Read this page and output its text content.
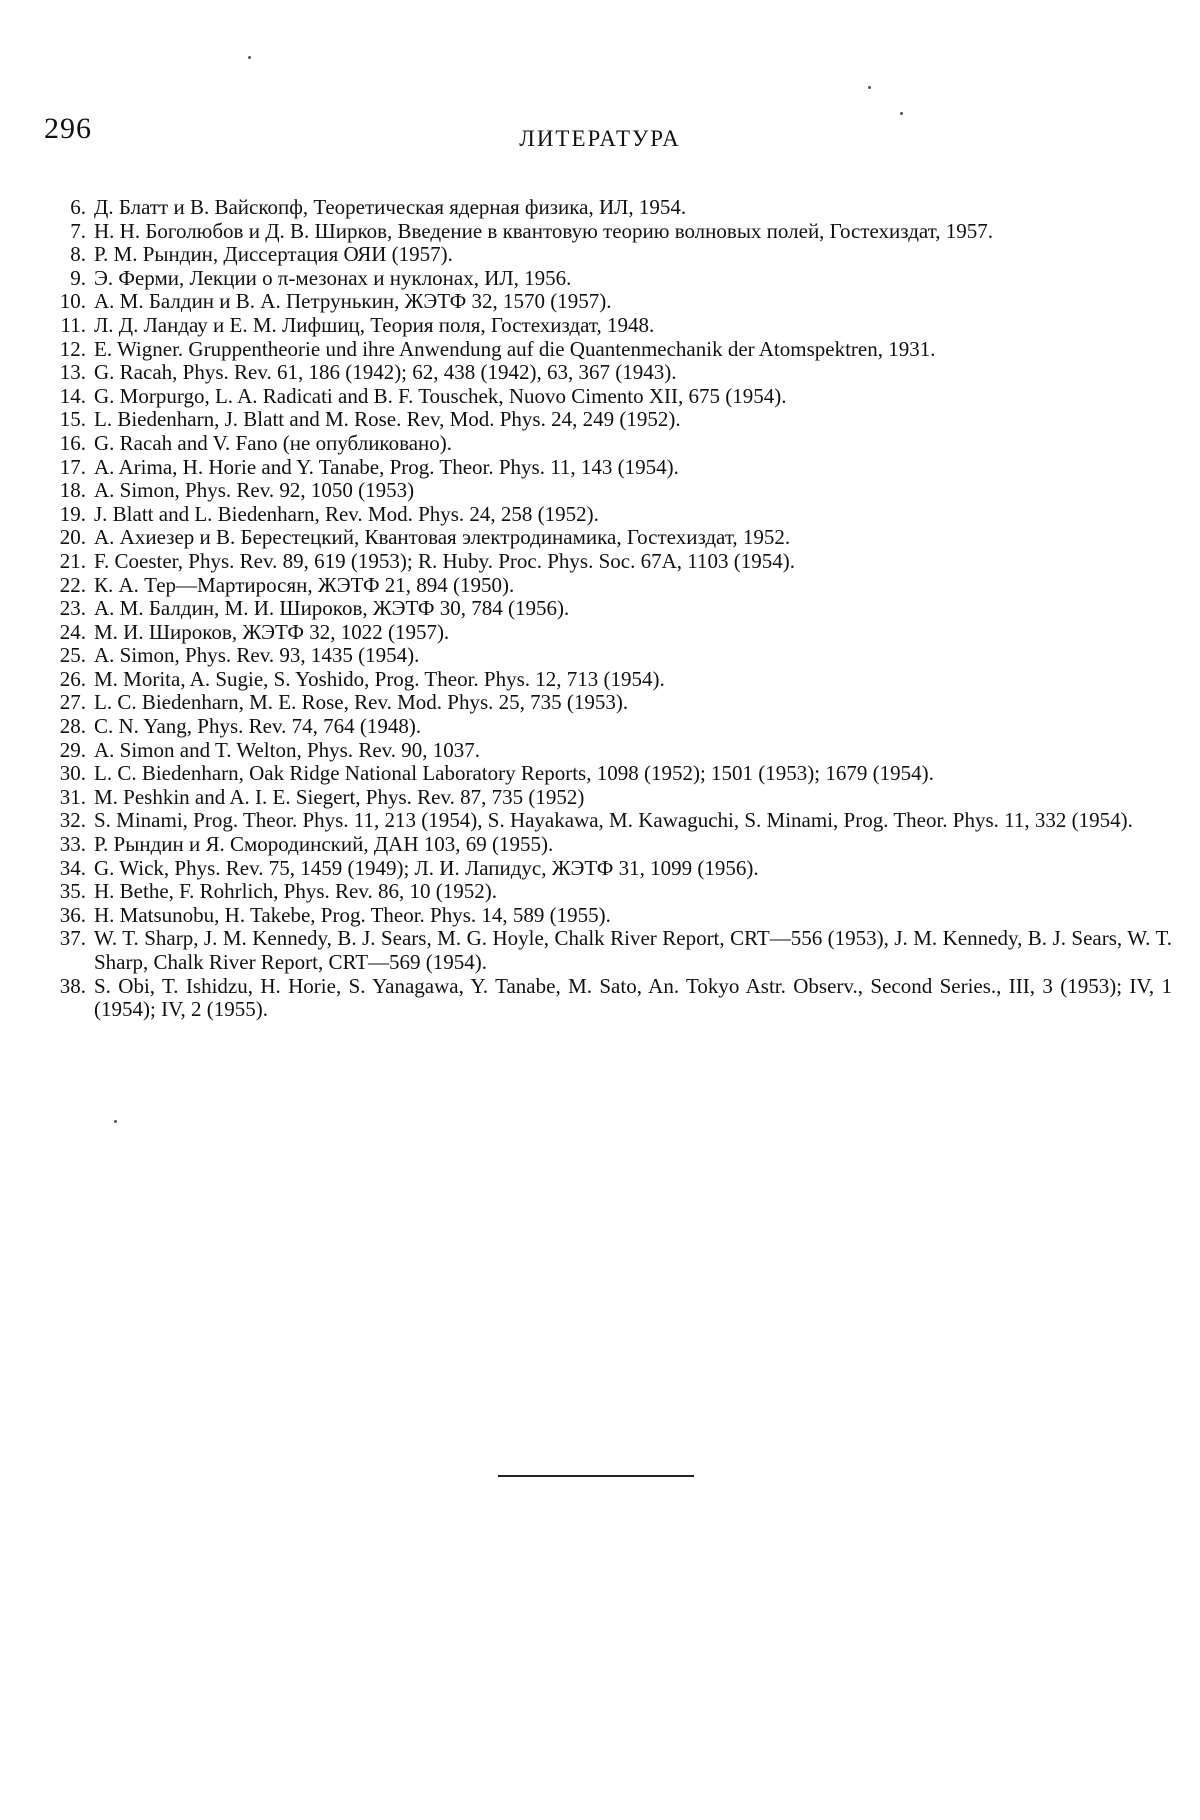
296	ЛИТЕРАТУРА
6. Д. Блатт и В. Вайскопф, Теоретическая ядерная физика, ИЛ, 1954.
7. Н. Н. Боголюбов и Д. В. Ширков, Введение в квантовую теорию волновых полей, Гостехиздат, 1957.
8. Р. М. Рындин, Диссертация ОЯИ (1957).
9. Э. Ферми, Лекции о π-мезонах и нуклонах, ИЛ, 1956.
10. А. М. Балдин и В. А. Петрунькин, ЖЭТФ 32, 1570 (1957).
11. Л. Д. Ландау и Е. М. Лифшиц, Теория поля, Гостехиздат, 1948.
12. E. Wigner. Gruppentheorie und ihre Anwendung auf die Quantenmechanik der Atomspektren, 1931.
13. G. Racah, Phys. Rev. 61, 186 (1942); 62, 438 (1942), 63, 367 (1943).
14. G. Morpurgo, L. A. Radicati and B. F. Touschek, Nuovo Cimento XII, 675 (1954).
15. L. Biedenharn, J. Blatt and M. Rose. Rev, Mod. Phys. 24, 249 (1952).
16. G. Racah and V. Fano (не опубликовано).
17. A. Arima, H. Horie and Y. Tanabe, Prog. Theor. Phys. 11, 143 (1954).
18. A. Simon, Phys. Rev. 92, 1050 (1953)
19. J. Blatt and L. Biedenharn, Rev. Mod. Phys. 24, 258 (1952).
20. А. Ахиезер и В. Берестецкий, Квантовая электродинамика, Гостехиздат, 1952.
21. F. Coester, Phys. Rev. 89, 619 (1953); R. Huby. Proc. Phys. Soc. 67A, 1103 (1954).
22. К. А. Тер—Мартиросян, ЖЭТФ 21, 894 (1950).
23. А. М. Балдин, М. И. Широков, ЖЭТФ 30, 784 (1956).
24. М. И. Широков, ЖЭТФ 32, 1022 (1957).
25. A. Simon, Phys. Rev. 93, 1435 (1954).
26. M. Morita, A. Sugie, S. Yoshido, Prog. Theor. Phys. 12, 713 (1954).
27. L. C. Biedenharn, M. E. Rose, Rev. Mod. Phys. 25, 735 (1953).
28. C. N. Yang, Phys. Rev. 74, 764 (1948).
29. A. Simon and T. Welton, Phys. Rev. 90, 1037.
30. L. C. Biedenharn, Oak Ridge National Laboratory Reports, 1098 (1952); 1501 (1953); 1679 (1954).
31. M. Peshkin and A. I. E. Siegert, Phys. Rev. 87, 735 (1952)
32. S. Minami, Prog. Theor. Phys. 11, 213 (1954), S. Hayakawa, M. Kawaguchi, S. Minami, Prog. Theor. Phys. 11, 332 (1954).
33. Р. Рындин и Я. Смородинский, ДАН 103, 69 (1955).
34. G. Wick, Phys. Rev. 75, 1459 (1949); Л. И. Лапидус, ЖЭТФ 31, 1099 (1956).
35. H. Bethe, F. Rohrlich, Phys. Rev. 86, 10 (1952).
36. H. Matsunobu, H. Takebe, Prog. Theor. Phys. 14, 589 (1955).
37. W. T. Sharp, J. M. Kennedy, B. J. Sears, M. G. Hoyle, Chalk River Report, CRT—556 (1953), J. M. Kennedy, B. J. Sears, W. T. Sharp, Chalk River Report, CRT—569 (1954).
38. S. Obi, T. Ishidzu, H. Horie, S. Yanagawa, Y. Tanabe, M. Sato, An. Tokyo Astr. Observ., Second Series., III, 3 (1953); IV, 1 (1954); IV, 2 (1955).
